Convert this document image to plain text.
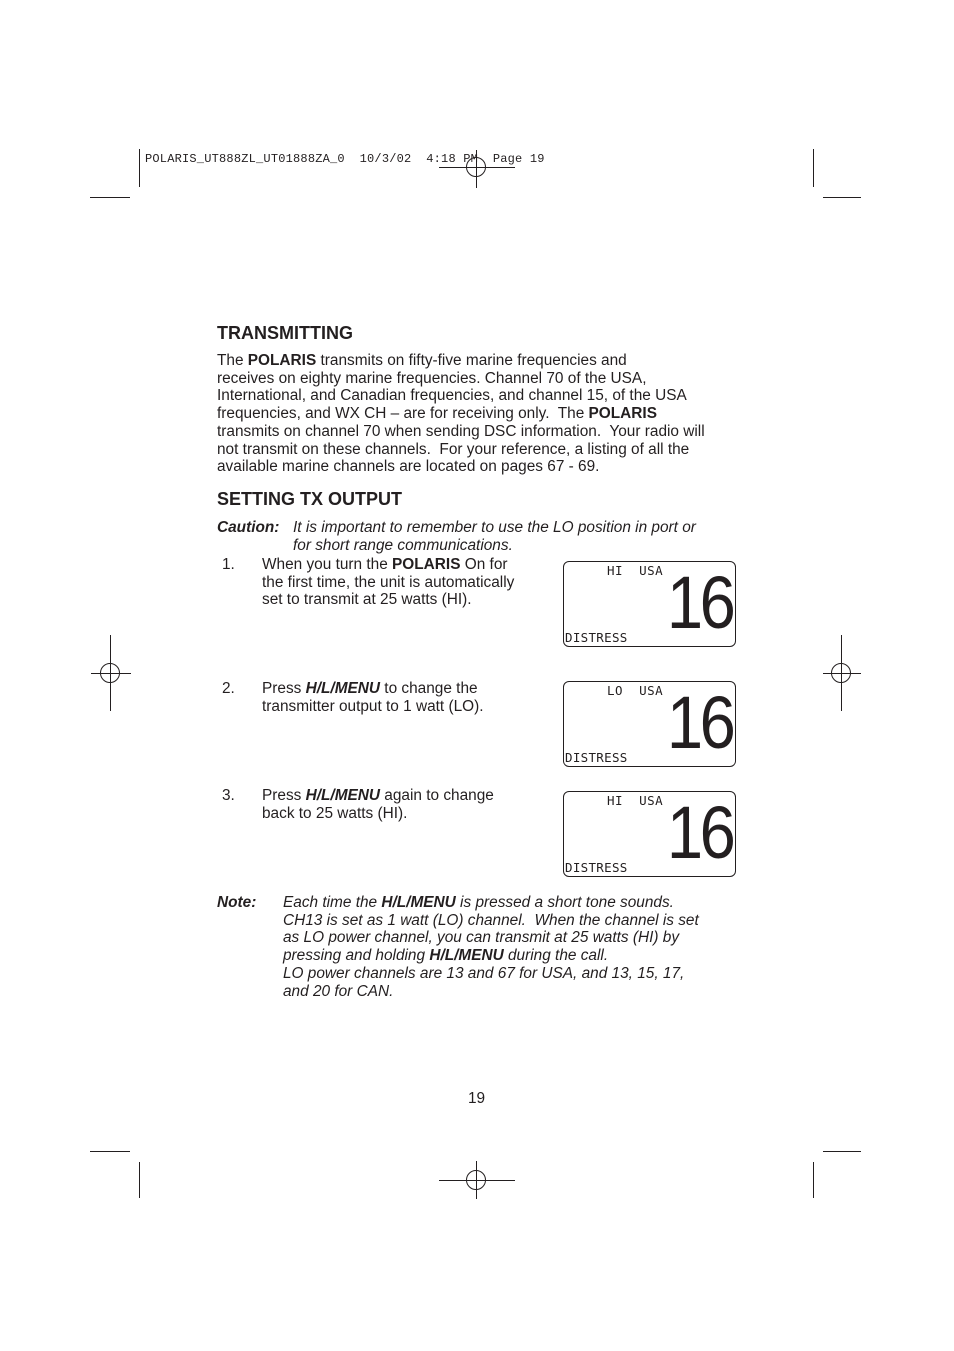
POLARIS_UT888ZL_UT01888ZA_0  10/3/02  4:18 PM  Page 19
TRANSMITTING
The POLARIS transmits on fifty-five marine frequencies and
receives on eighty marine frequencies. Channel 70 of the USA,
International, and Canadian frequencies, and channel 15, of the USA
frequencies, and WX CH – are for receiving only.  The POLARIS
transmits on channel 70 when sending DSC information.  Your radio will
not transmit on these channels.  For your reference, a listing of all the
available marine channels are located on pages 67 - 69.
SETTING TX OUTPUT
Caution: It is important to remember to use the LO position in port or
for short range communications.
1. When you turn the POLARIS On for
the first time, the unit is automatically
set to transmit at 25 watts (HI).
HI  USA 16
DISTRESS
2. Press H/L/MENU to change the
transmitter output to 1 watt (LO).
LO  USA 16
DISTRESS
3. Press H/L/MENU again to change
back to 25 watts (HI).
HI  USA 16
DISTRESS
Note: Each time the H/L/MENU is pressed a short tone sounds.
CH13 is set as 1 watt (LO) channel.  When the channel is set
as LO power channel, you can transmit at 25 watts (HI) by
pressing and holding H/L/MENU during the call.
LO power channels are 13 and 67 for USA, and 13, 15, 17,
and 20 for CAN.
19
